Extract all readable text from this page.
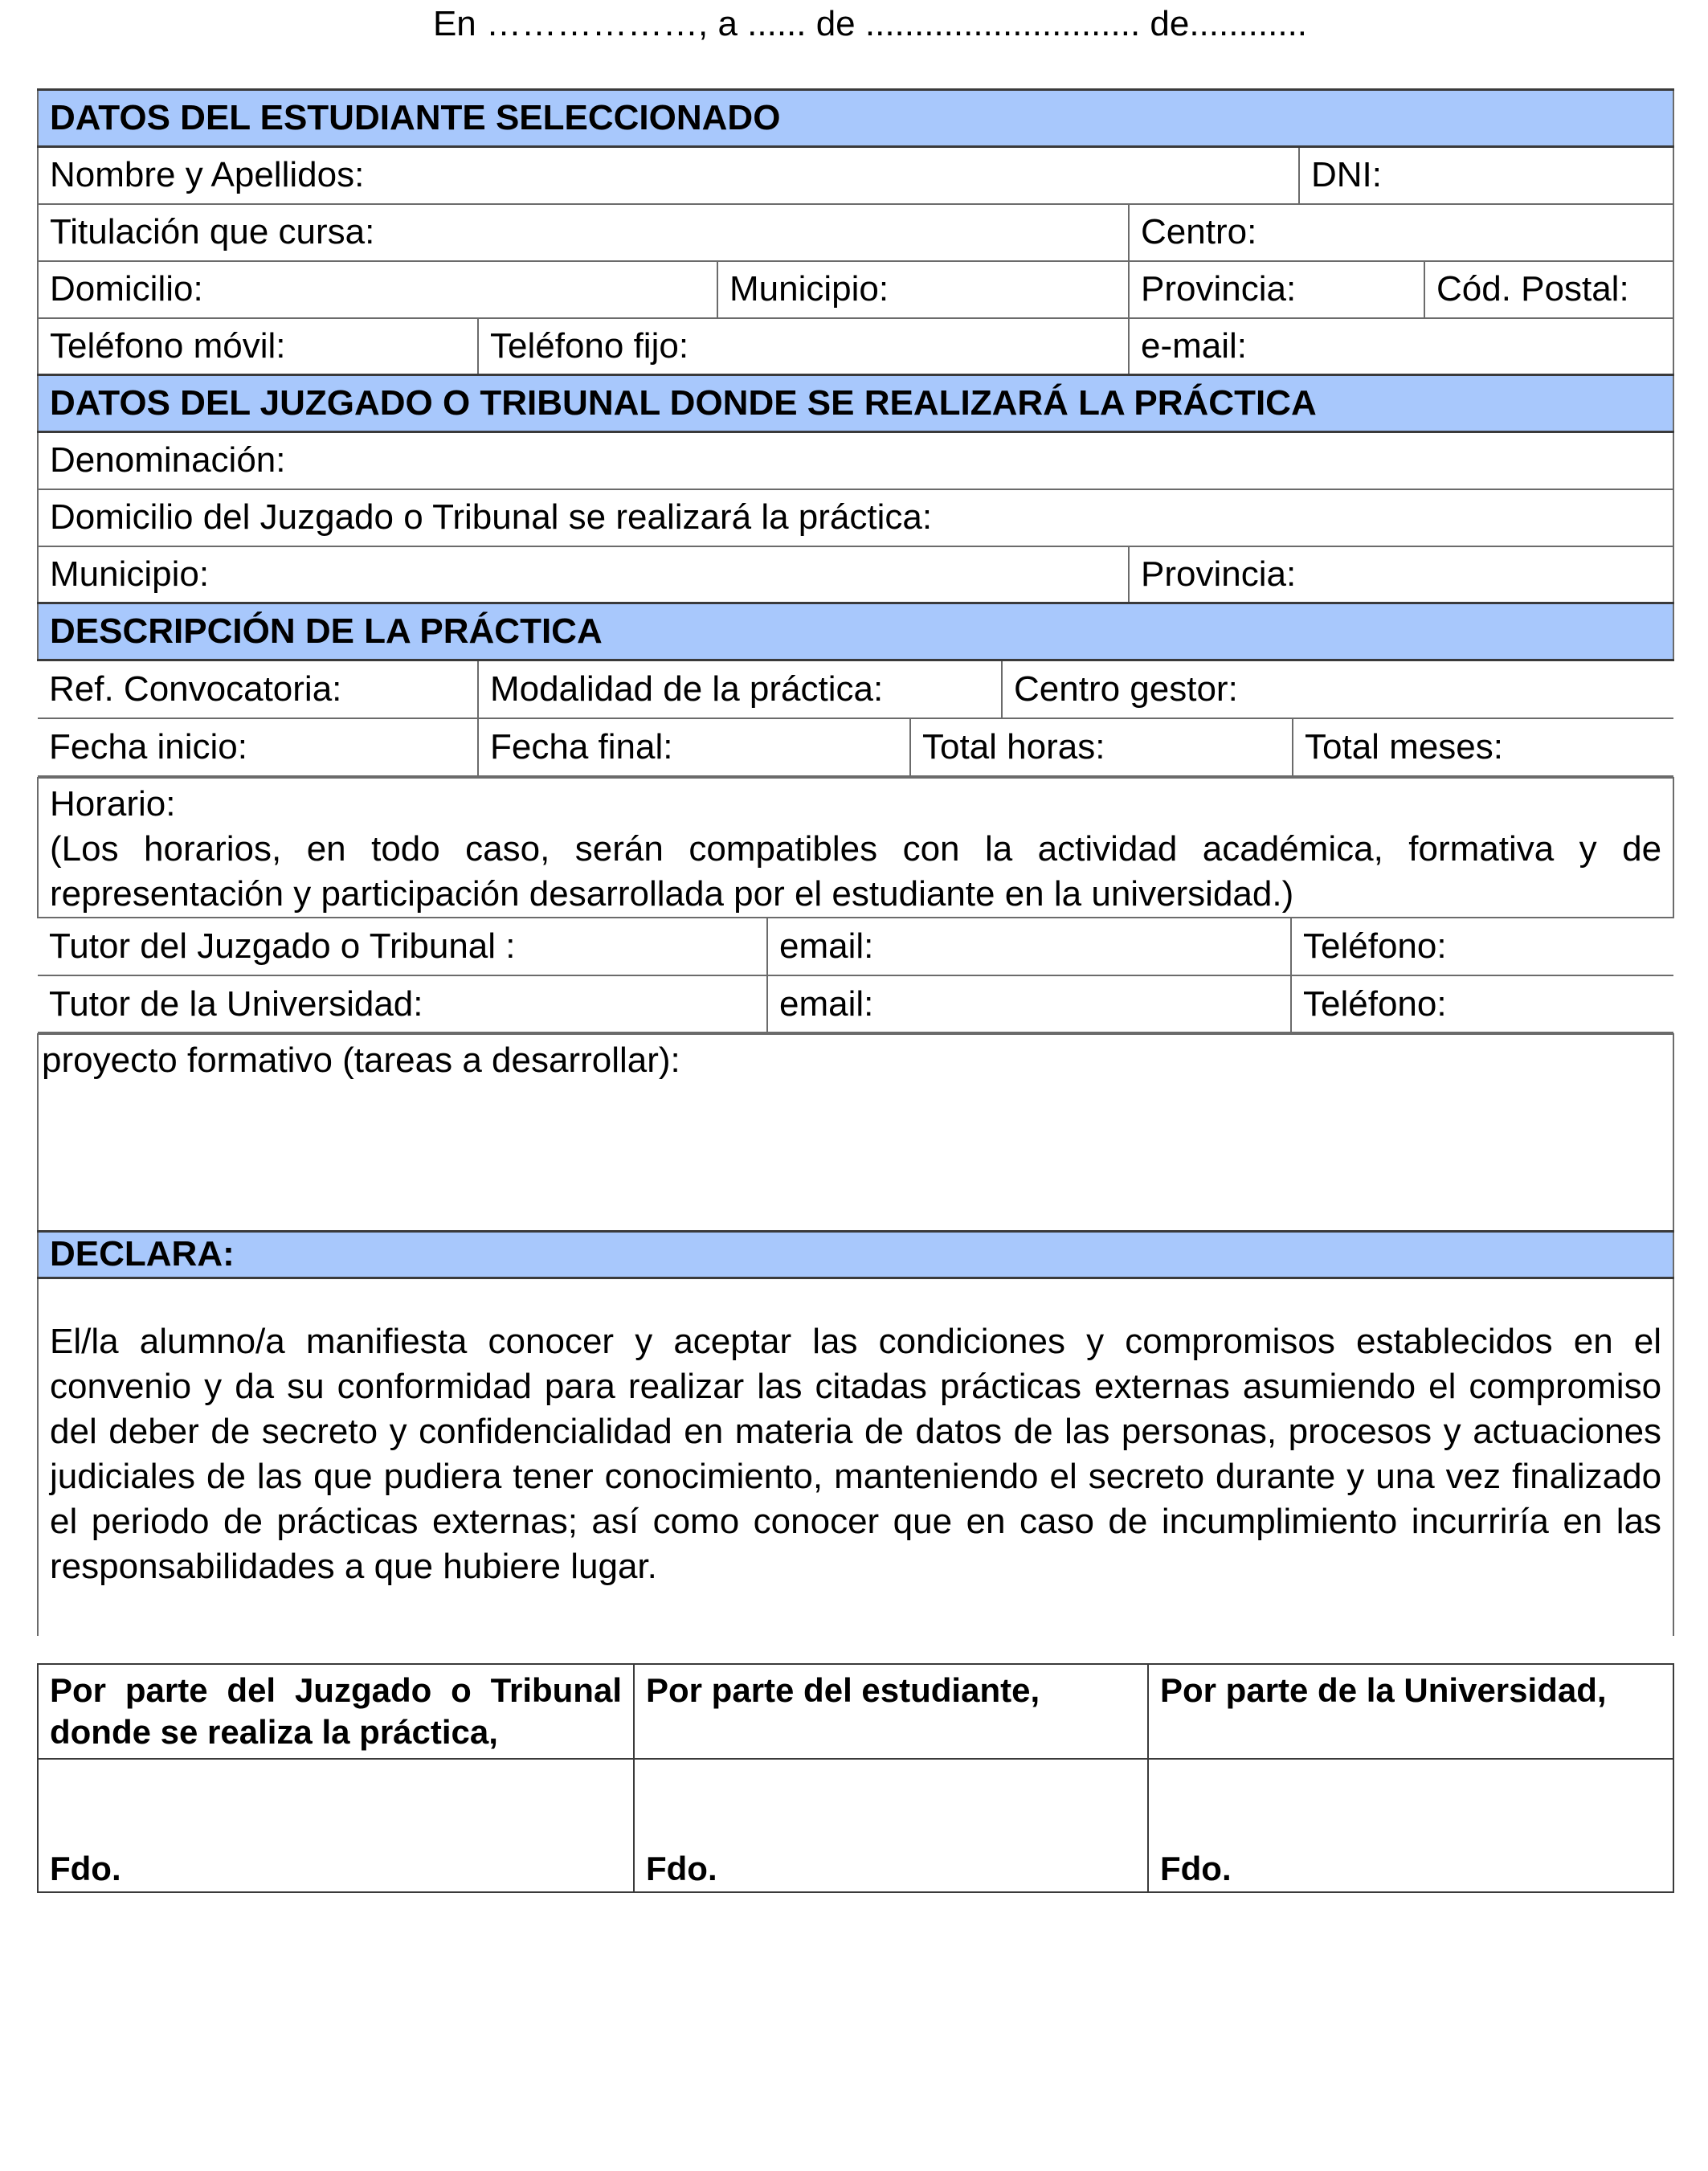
En ………………, a ...... de ............................ de............
DATOS DEL ESTUDIANTE SELECCIONADO
Nombre y Apellidos:	DNI:
Titulación que cursa:	Centro:
Domicilio:	Municipio:	Provincia:	Cód. Postal:
Teléfono móvil:	Teléfono fijo:	e-mail:
DATOS DEL JUZGADO O TRIBUNAL DONDE SE REALIZARÁ LA PRÁCTICA
Denominación:
Domicilio del Juzgado o Tribunal se realizará la práctica:
Municipio:	Provincia:
DESCRIPCIÓN DE LA PRÁCTICA

Ref. Convocatoria:	Modalidad de la práctica:	Centro gestor:

Fecha inicio:	Fecha final:	Total horas:	Total meses:

Horario:
(Los horarios, en todo caso, serán compatibles con la actividad académica, formativa y de representación y participación desarrollada por el estudiante en la universidad.)

Tutor del Juzgado o Tribunal :	email:	Teléfono:
Tutor de la Universidad:	email:	Teléfono:

proyecto formativo (tareas a desarrollar):
DECLARA:

El/la alumno/a manifiesta conocer y aceptar las condiciones y compromisos establecidos en el convenio y da su conformidad para realizar las citadas prácticas externas asumiendo el compromiso del deber de secreto y confidencialidad en materia de datos de las personas, procesos y actuaciones judiciales de las que pudiera tener conocimiento, manteniendo el secreto durante y una vez finalizado el periodo de prácticas externas; así como conocer que en caso de incumplimiento incurriría en las responsabilidades a que hubiere lugar.
Por parte del Juzgado o Tribunal donde se realiza la práctica,	Por parte del estudiante,	Por parte de la Universidad,
Fdo.	Fdo.	Fdo.
